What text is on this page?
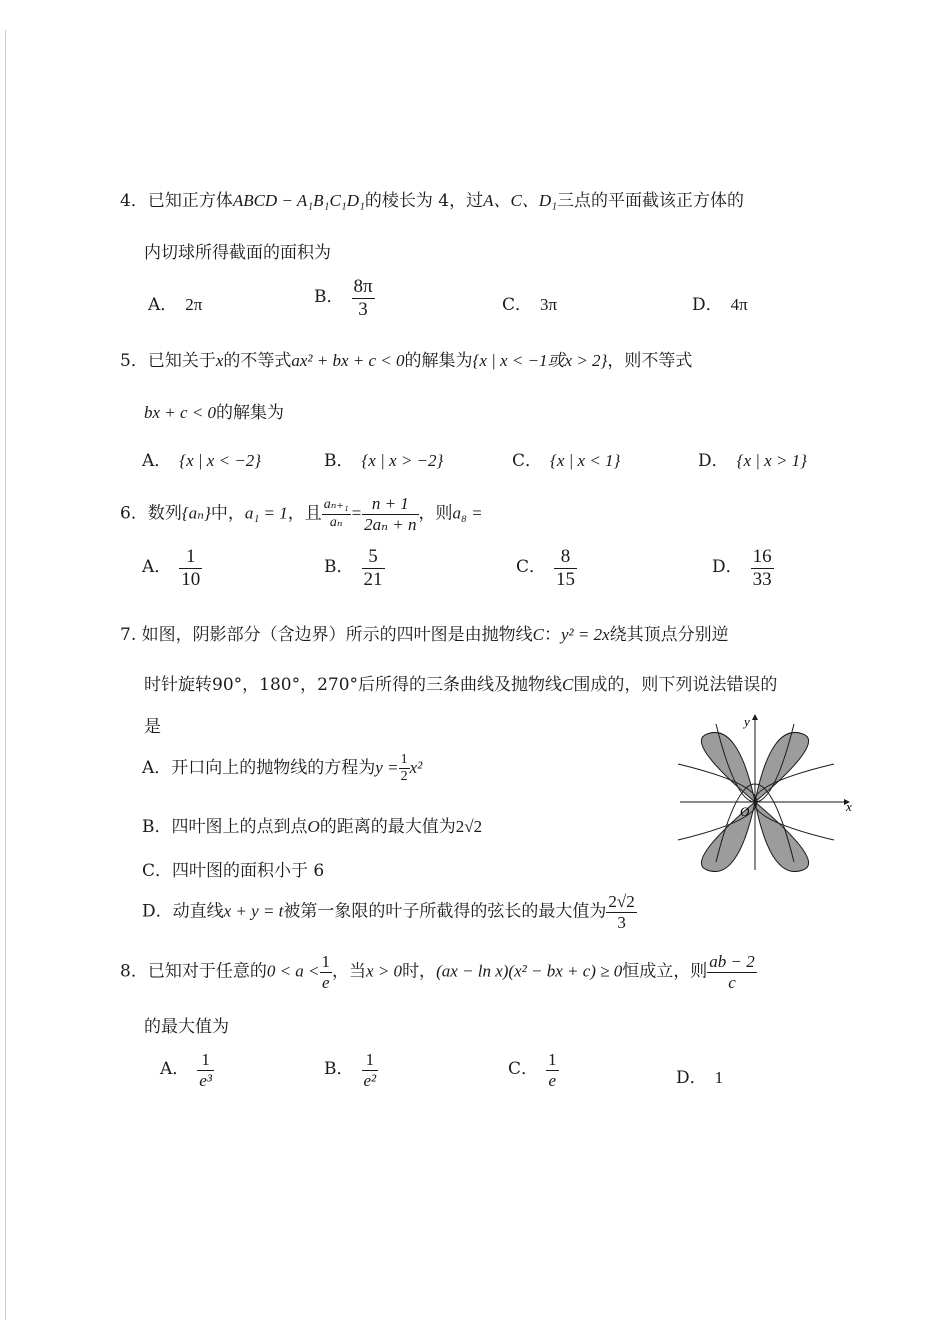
4．已知正方体ABCD − A₁B₁C₁D₁的棱长为 4，过A、C、D₁三点的平面截该正方体的
内切球所得截面的面积为
A． 2π	B． $\frac{8\pi}{3}$	C． 3π	D． 4π
5．已知关于x的不等式ax² + bx + c < 0的解集为{x | x < −1或x > 2}，则不等式
bx + c < 0的解集为
A． {x | x < −2}	B． {x | x > −2}	C． {x | x < 1}	D． {x | x > 1}
6．数列{aₙ}中，a₁ = 1，且 $\frac{\text{aₙ₊₁}}{\text{aₙ}} = \frac{n + 1}{\text{2aₙ + n}}$ ，则a₈ =
A． $\frac{1}{10}$	B． $\frac{5}{21}$	C． $\frac{8}{15}$	D． $\frac{16}{33}$
7. 如图，阴影部分（含边界）所示的四叶图是由抛物线C：y² = 2x绕其顶点分别逆
时针旋转90°，180°，270°后所得的三条曲线及抛物线C围成的，则下列说法错误的
是
A．开口向上的抛物线的方程为$y = \frac{1}{2} x^2$
B．四叶图上的点到点O的距离的最大值为2√2
C．四叶图的面积小于 6
D．动直线x + y = t被第一象限的叶子所截得的弦长的最大值为 $\frac{2√2}{3}$
y
x
O
8．已知对于任意的$0 < a < \frac{1}{e}$ ，当x > 0时，(ax − ln x)(x² − bx + c) ≥ 0恒成立，则 $\frac{ab - 2}{c}$
的最大值为
A． $\frac{1}{\text{e³}}$	B． $\frac{1}{\text{e²}}$	C． $\frac{1}{e}$	D． 1
